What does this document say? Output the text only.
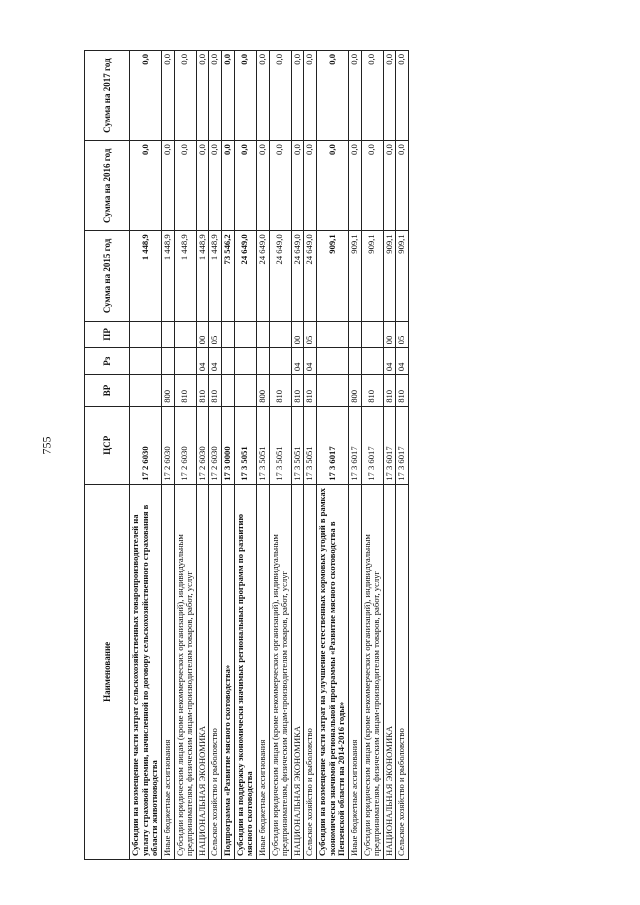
755
Наименование	ЦСР	ВР	Рз	ПР	Сумма на 2015 год	Сумма на 2016 год	Сумма на 2017 год
Субсидии на возмещение части затрат сельскохозяйственных товаропроизводителей на уплату страховой премии, начисленной по договору сельскохозяйственного страхования в области животноводства	17 2 6030				1 448,9	0,0	0,0
Иные бюджетные ассигнования	17 2 6030	800			1 448,9	0,0	0,0
Субсидии юридическим лицам (кроме некоммерческих организаций), индивидуальным предпринимателям, физическим лицам-производителям товаров, работ, услуг	17 2 6030	810			1 448,9	0,0	0,0
НАЦИОНАЛЬНАЯ ЭКОНОМИКА	17 2 6030	810	04	00	1 448,9	0,0	0,0
Сельское хозяйство и рыболовство	17 2 6030	810	04	05	1 448,9	0,0	0,0
Подпрограмма «Развитие мясного скотоводства»	17 3 0000				73 546,2	0,0	0,0
Субсидии на поддержку экономически значимых региональных программ по развитию мясного скотоводства	17 3 5051				24 649,0	0,0	0,0
Иные бюджетные ассигнования	17 3 5051	800			24 649,0	0,0	0,0
Субсидии юридическим лицам (кроме некоммерческих организаций), индивидуальным предпринимателям, физическим лицам-производителям товаров, работ, услуг	17 3 5051	810			24 649,0	0,0	0,0
НАЦИОНАЛЬНАЯ ЭКОНОМИКА	17 3 5051	810	04	00	24 649,0	0,0	0,0
Сельское хозяйство и рыболовство	17 3 5051	810	04	05	24 649,0	0,0	0,0
Субсидии на возмещение части затрат на улучшение естественных кормовых угодий в рамках экономически значимой региональной программы «Развитие мясного скотоводства в Пензенской области на 2014-2016 годы»	17 3 6017				909,1	0,0	0,0
Иные бюджетные ассигнования	17 3 6017	800			909,1	0,0	0,0
Субсидии юридическим лицам (кроме некоммерческих организаций), индивидуальным предпринимателям, физическим лицам-производителям товаров, работ, услуг	17 3 6017	810			909,1	0,0	0,0
НАЦИОНАЛЬНАЯ ЭКОНОМИКА	17 3 6017	810	04	00	909,1	0,0	0,0
Сельское хозяйство и рыболовство	17 3 6017	810	04	05	909,1	0,0	0,0
